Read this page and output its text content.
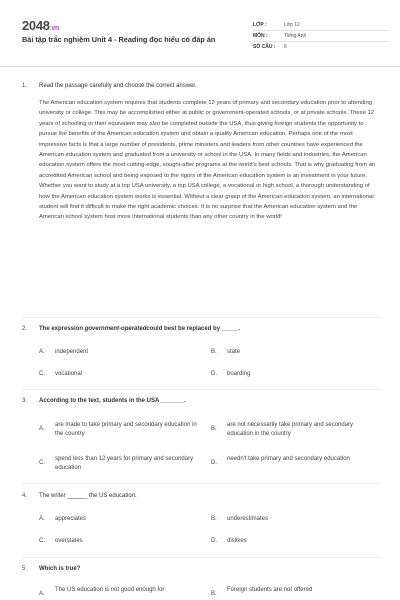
2048.vn
Bài tập trắc nghiệm Unit 4 - Reading đọc hiểu có đáp án
LỚP :	Lớp 12
MÔN :	Tiếng Anh
SỐ CÂU :	6
1.	Read the passage carefully and choose the correct answer.
The American education system requires that students complete 12 years of primary and secondary education prior to attending university or college. This may be accomplished either at public or government-operated schools, or at private schools. These 12 years of schooling or their equivalent may also be completed outside the USA, thus giving foreign students the opportunity to pursue the benefits of the American education system and obtain a quality American education. Perhaps one of the most impressive facts is that a large number of presidents, prime ministers and leaders from other countries have experienced the American education system and graduated from a university or school in the USA. In many fields and industries, the American education system offers the most cutting-edge, sought-after programs at the world's best schools. That is why graduating from an accredited American school and being exposed to the rigors of the American education system is an investment in your future. Whether you want to study at a top USA university, a top USA college, a vocational or high school, a thorough understanding of how the American education system works is essential. Without a clear grasp of the American education system, an international student will find it difficult to make the right academic choices. It is no surprise that the American education system and the American school system host more international students than any other country in the world!
2.	The expression government-operatedcould best be replaced by _____.
A. independent	B. state
C. vocational	D. boarding
3.	According to the text, students in the USA _______.
A.
are made to take primary and secondary education in the country
B.
are not necessarily take primary and secondary education in the country
C.
spend less than 12 years for primary and secondary education
D.
needn't take primary and secondary education
4.	The writer ______ the US education.
A. appreciates	B. underestimates
C. overstates	D. dislikes
5.	Which is true?
A.
The US education is not good enough for
B.
Foreign students are not offered
